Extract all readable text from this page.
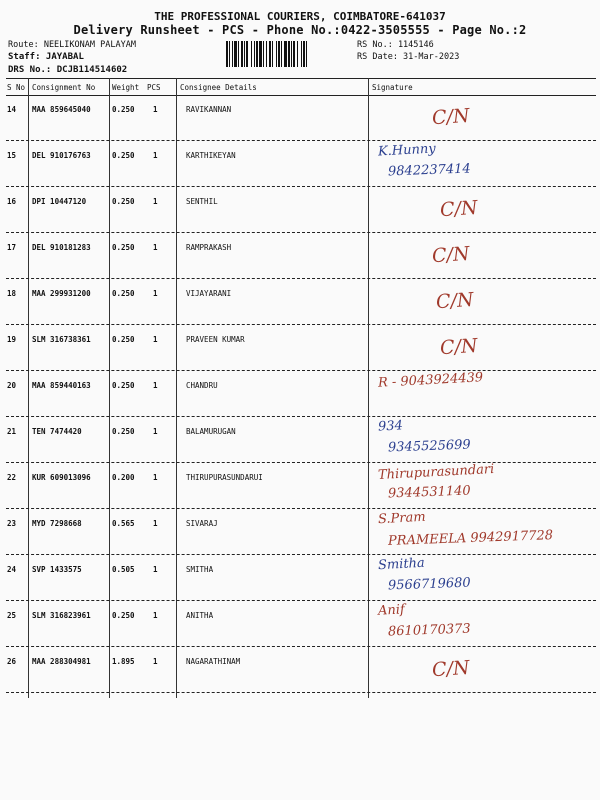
THE PROFESSIONAL COURIERS, COIMBATORE-641037
Delivery Runsheet - PCS - Phone No.:0422-3505555 - Page No.:2
Route: NEELIKONAM PALAYAM
Staff: JAYABAL
DRS No.: DCJB114514602
RS No.: 1145146
RS Date: 31-Mar-2023
S No Consignment No Weight PCS	Consignee Details	Signature
14 MAA 859645040	0.250 1	RAVIKANNAN	C/N
15 DEL 910176763	0.250 1	KARTHIKEYAN	K.Hunny
9842237414
16 DPI 10447120	0.250 1	SENTHIL	C/N
17 DEL 910181283	0.250 1	RAMPRAKASH	C/N
18 MAA 299931200	0.250 1	VIJAYARANI	C/N
19 SLM 316738361	0.250 1	PRAVEEN KUMAR	C/N
20 MAA 859440163	0.250 1	CHANDRU	R - 9043924439
21 TEN 7474420	0.250 1	BALAMURUGAN	934
9345525699
22 KUR 609013096	0.200 1	THIRUPURASUNDARUI	Thirupurasundari
9344531140
23 MYD 7298668	0.565 1	SIVARAJ	S.Pram
PRAMEELA 9942917728
24 SVP 1433575	0.505 1	SMITHA	Smitha
9566719680
25 SLM 316823961	0.250 1	ANITHA	Anif
8610170373
26 MAA 288304981	1.895 1	NAGARATHINAM	C/N
